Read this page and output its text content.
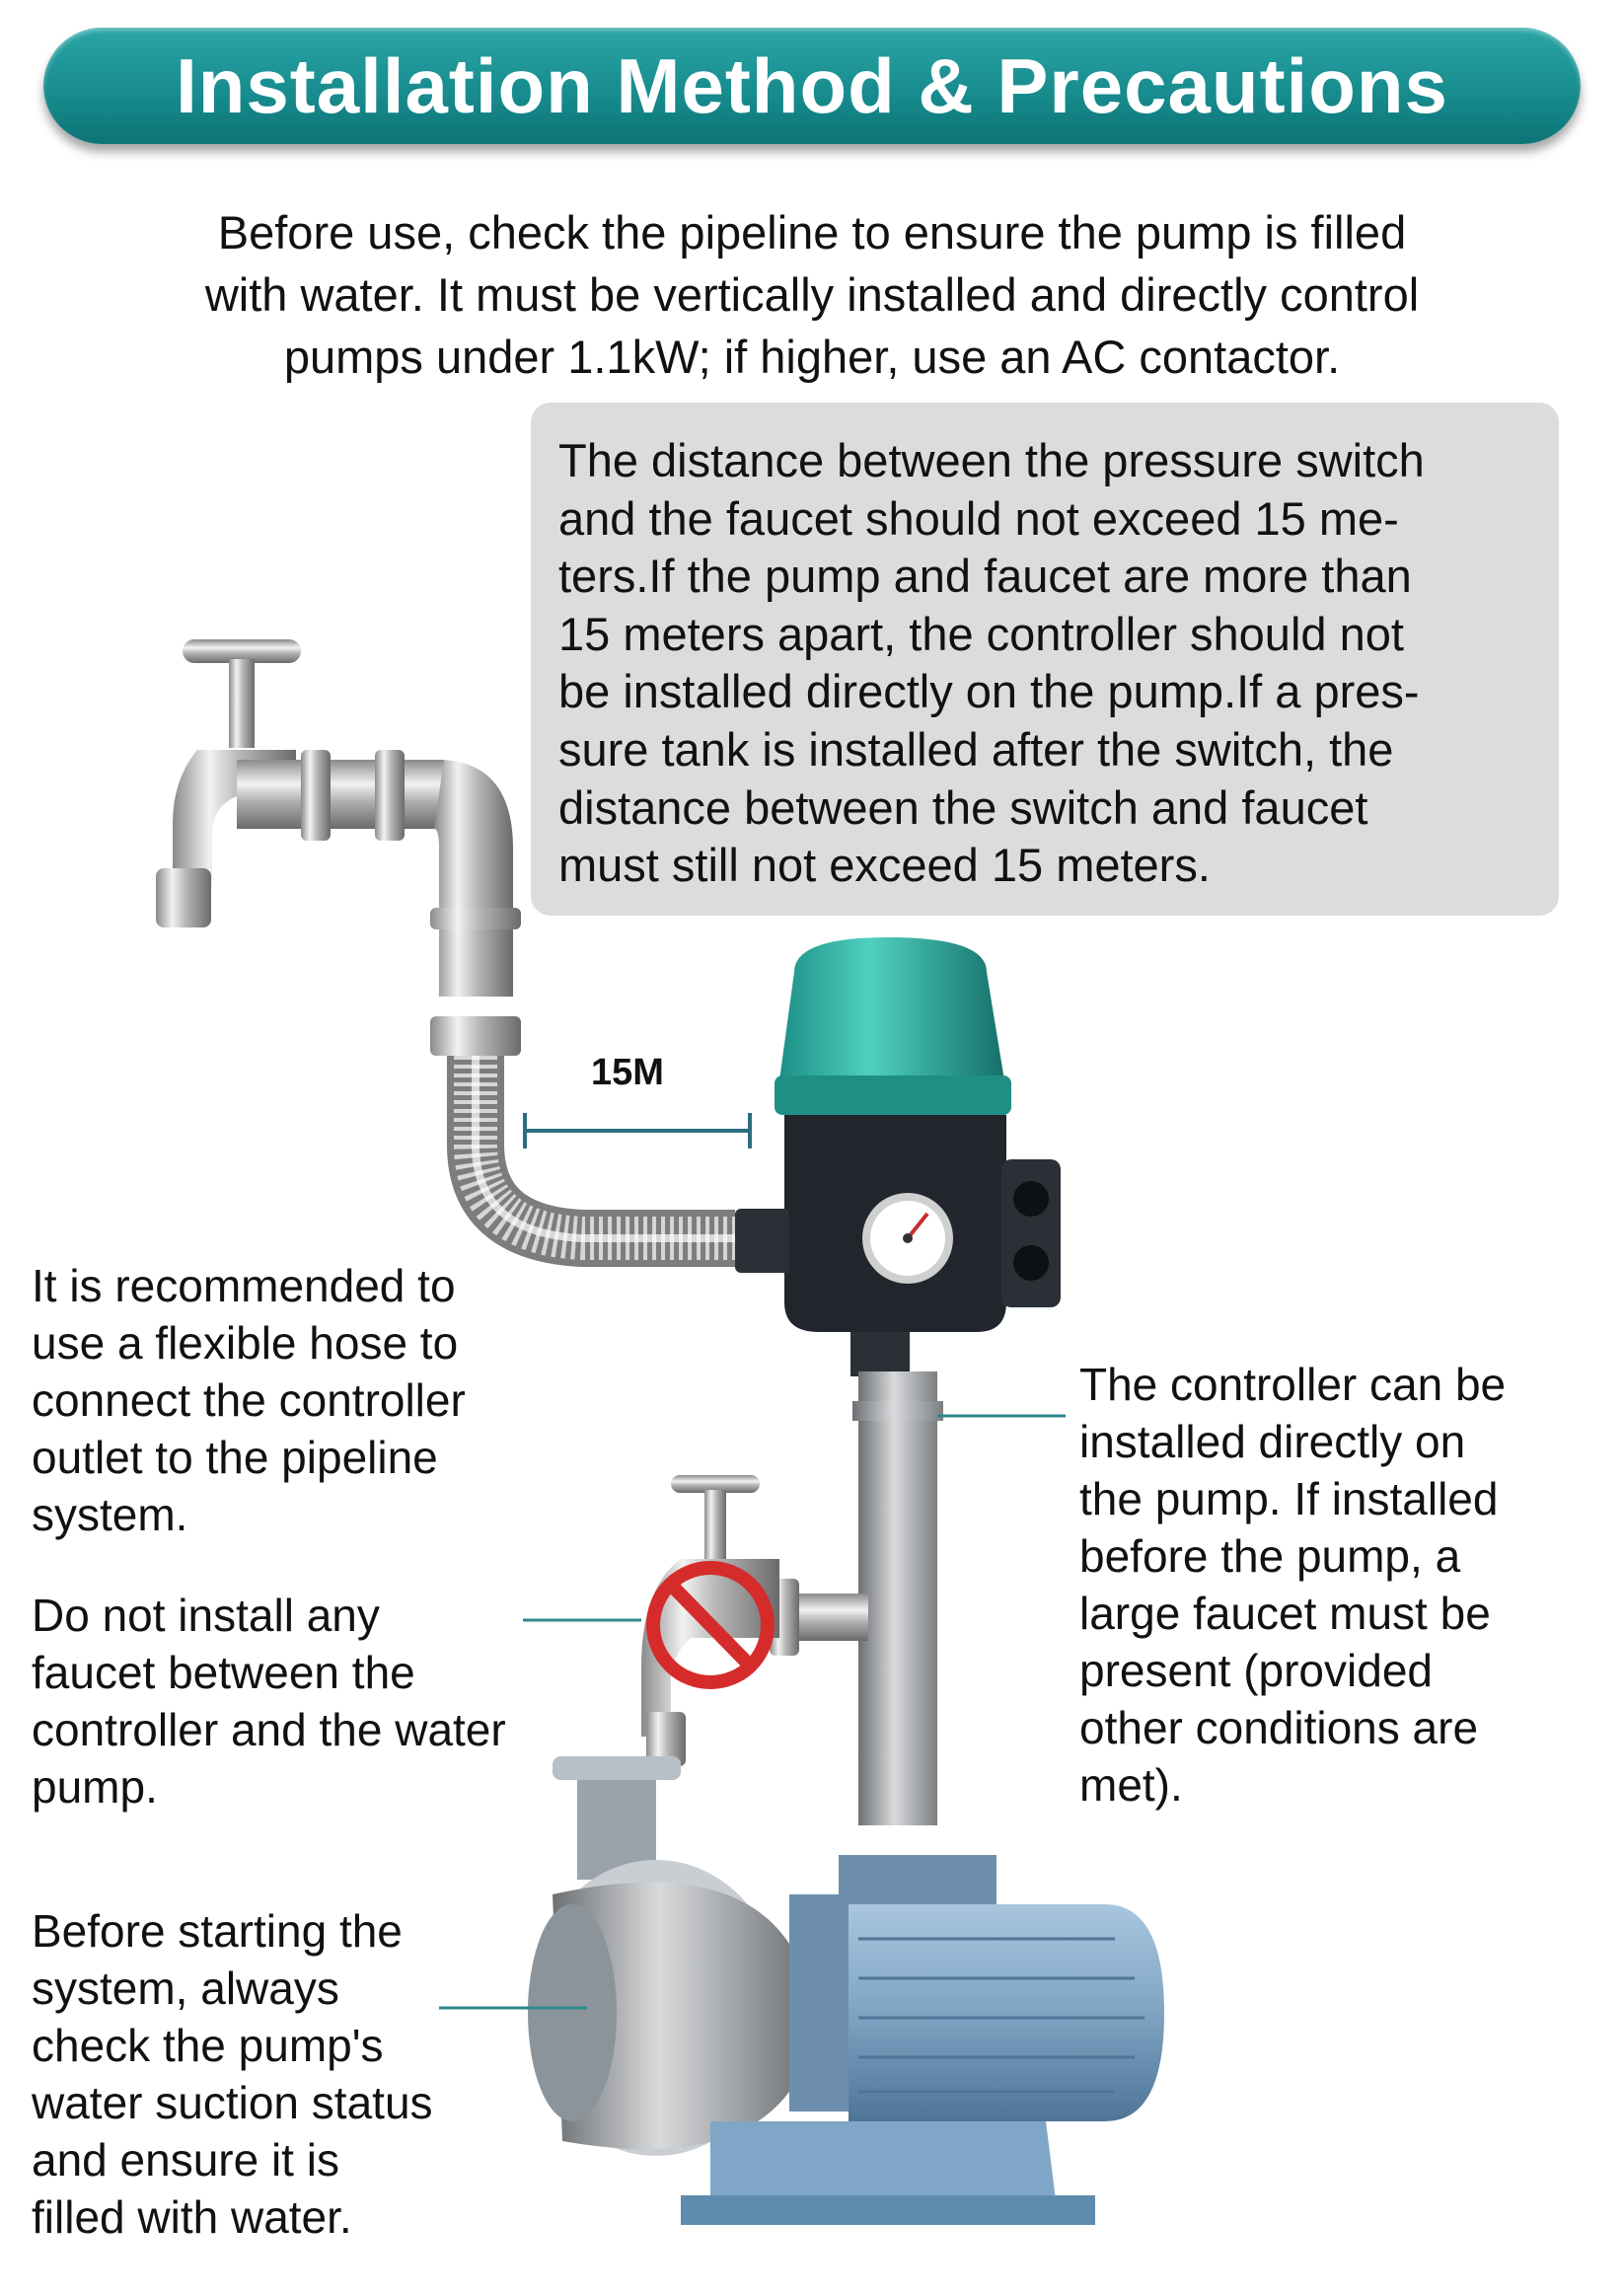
Installation Method & Precautions
Before use, check the pipeline to ensure the pump is filled
with water. It must be vertically installed and directly control
pumps under 1.1kW; if higher, use an AC contactor.

The distance between the pressure switch

and the faucet should not exceed 15 me-

ters.If the pump and faucet are more than

15 meters apart, the controller should not

be installed directly on the pump.If a pres-

sure tank is installed after the switch, the

distance between the switch and faucet

must still not exceed 15 meters.

15M
It is recommended to
use a flexible hose to
connect the controller
outlet to the pipeline
system.
Do not install any
faucet between the
controller and the water
pump.
Before starting the
system, always
check the pump's
water suction status
and ensure it is
filled with water.
The controller can be
installed directly on
the pump. If installed
before the pump, a
large faucet must be
present (provided
other conditions are
met).
